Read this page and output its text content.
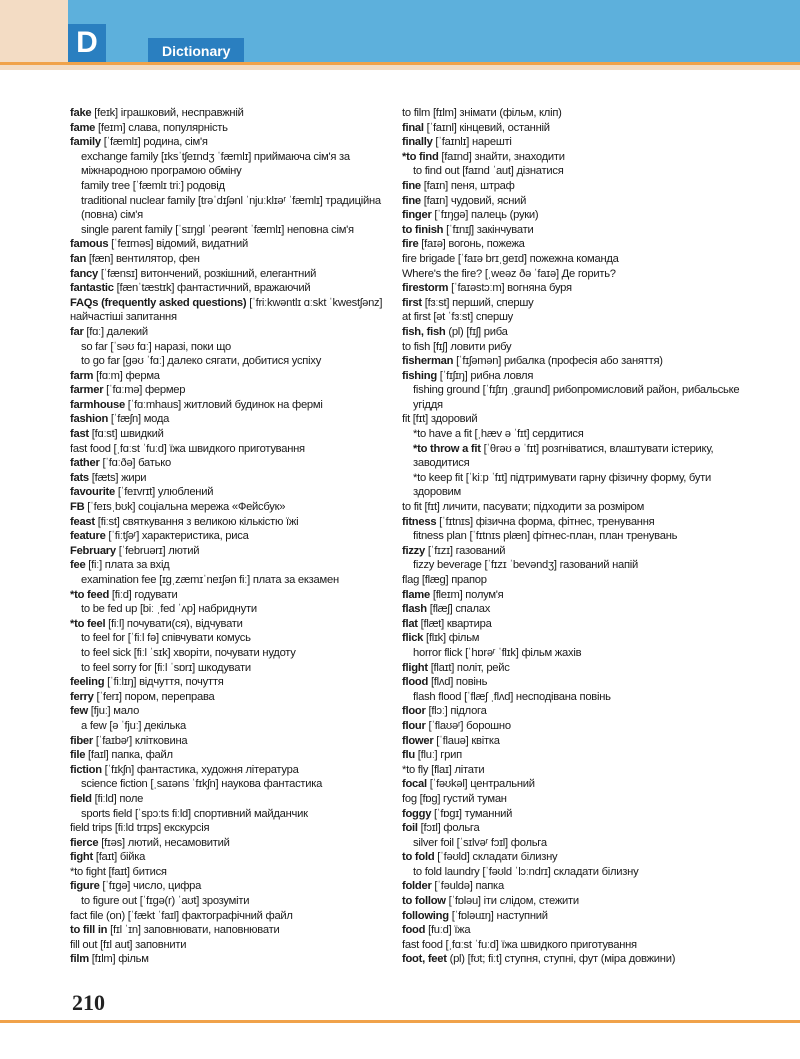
D	Dictionary
fake [feɪk] іграшковий, несправжній
fame [feɪm] слава, популярність
family [ˈfæmlɪ] родина, сім'я
exchange family [ɪksˈtʃeɪndʒ ˈfæmlɪ] приймаюча сім'я за міжнародною програмою обміну
family tree [ˈfæmlɪ triː] родовід
traditional nuclear family [trəˈdɪʃənl ˈnjuːklɪəʳ ˈfæmlɪ] традиційна (повна) сім'я
single parent family [ˈsɪŋgl ˈpeərənt ˈfæmlɪ] неповна сім'я
famous [ˈfeɪməs] відомий, видатний
fan [fæn] вентилятор, фен
fancy [ˈfænsɪ] витончений, розкішний, елегантний
fantastic [fænˈtæstɪk] фантастичний, вражаючий
FAQs (frequently asked questions) [ˈfriːkwəntlɪ ɑːskt ˈkwestʃənz] найчастіші запитання
far [fɑː] далекий
so far [ˈsəʊ fɑː] наразі, поки що
to go far [gəʊ ˈfɑː] далеко сягати, добитися успіху
farm [fɑːm] ферма
farmer [ˈfɑːmə] фермер
farmhouse [ˈfɑːmhaus] житловий будинок на фермі
fashion [ˈfæʃn] мода
fast [fɑːst] швидкий
fast food [ˌfɑːst ˈfuːd] їжа швидкого приготування
father [ˈfɑːðə] батько
fats [fæts] жири
favourite [ˈfeɪvrɪt] улюблений
FB [ˈfeɪsˌbʊk] соціальна мережа «Фейсбук»
feast [fiːst] святкування з великою кількістю їжі
feature [ˈfiːtʃəʳ] характеристика, риса
February [ˈfebruərɪ] лютий
fee [fiː] плата за вхід
examination fee [ɪgˌzæmɪˈneɪʃən fiː] плата за екзамен
*to feed [fiːd] годувати
to be fed up [biː ˌfed ˈʌp] набриднути
*to feel [fiːl] почувати(ся), відчувати
to feel for [ˈfiːl fə] співчувати комусь
to feel sick [fiːl ˈsɪk] хворіти, почувати нудоту
to feel sorry for [fiːl ˈsɒrɪ] шкодувати
feeling [ˈfiːlɪŋ] відчуття, почуття
ferry [ˈferɪ] пором, переправа
few [fjuː] мало
a few [ə ˈfjuː] декілька
fiber [ˈfaɪbəʳ] клітковина
file [faɪl] папка, файл
fiction [ˈfɪkʃn] фантастика, художня література
science fiction [ˌsaɪəns ˈfɪkʃn] наукова фантастика
field [fiːld] поле
sports field [ˈspɔːts fiːld] спортивний майданчик
field trips [fiːld trɪps] екскурсія
fierce [fɪəs] лютий, несамовитий
fight [faɪt] бійка
*to fight [faɪt] битися
figure [ˈfɪgə] число, цифра
to figure out [ˈfɪgə(r) ˈaʊt] зрозуміти
fact file (on) [ˈfækt ˈfaɪl] фактографічний файл
to fill in [fɪl ˈɪn] заповнювати, наповнювати
fill out [fɪl aut] заповнити
film [fɪlm] фільм
to film [fɪlm] знімати (фільм, кліп)
final [ˈfaɪnl] кінцевий, останній
finally [ˈfaɪnlɪ] нарешті
*to find [faɪnd] знайти, знаходити
to find out [faɪnd ˈaut] дізнатися
fine [faɪn] пеня, штраф
fine [faɪn] чудовий, ясний
finger [ˈfɪŋgə] палець (руки)
to finish [ˈfɪnɪʃ] закінчувати
fire [faɪə] вогонь, пожежа
fire brigade [ˈfaɪə brɪˌgeɪd] пожежна команда
Where's the fire? [ˌweəz ðə ˈfaɪə] Де горить?
firestorm [ˈfaɪəstɔːm] вогняна буря
first [fɜːst] перший, спершу
at first [ət ˈfɜːst] спершу
fish, fish (pl) [fɪʃ] риба
to fish [fɪʃ] ловити рибу
fisherman [ˈfɪʃəmən] рибалка (професія або заняття)
fishing [ˈfɪʃɪŋ] рибна ловля
fishing ground [ˈfɪʃɪŋ ˌgraund] рибопромисловий район, рибальське угіддя
fit [fɪt] здоровий
*to have a fit [ˌhæv ə ˈfɪt] сердитися
*to throw a fit [ˈθrəʊ ə ˈfɪt] розгніватися, влаштувати істерику, заводитися
*to keep fit [ˈkiːp ˈfɪt] підтримувати гарну фізичну форму, бути здоровим
to fit [fɪt] личити, пасувати; підходити за розміром
fitness [ˈfɪtnɪs] фізична форма, фітнес, тренування
fitness plan [ˈfɪtnɪs plæn] фітнес-план, план тренувань
fizzy [ˈfɪzɪ] газований
fizzy beverage [ˈfɪzɪ ˈbevəndʒ] газований напій
flag [flæg] прапор
flame [fleɪm] полум'я
flash [flæʃ] спалах
flat [flæt] квартира
flick [flɪk] фільм
horror flick [ˈhɒrəʳ ˈflɪk] фільм жахів
flight [flaɪt] політ, рейс
flood [flʌd] повінь
flash flood [ˈflæʃ ˌflʌd] несподівана повінь
floor [flɔː] підлога
flour [ˈflaʊəʳ] борошно
flower [ˈflauə] квітка
flu [fluː] грип
*to fly [flaɪ] літати
focal [ˈfəʊkəl] центральний
fog [fɒg] густий туман
foggy [ˈfɒgɪ] туманний
foil [fɔɪl] фольга
silver foil [ˈsɪlvəʳ fɔɪl] фольга
to fold [ˈfəʊld] складати білизну
to fold laundry [ˈfəʊld ˈlɔːndrɪ] складати білизну
folder [ˈfəuldə] папка
to follow [ˈfɒləu] іти слідом, стежити
following [ˈfɒləuɪŋ] наступний
food [fuːd] їжа
fast food [ˌfɑːst ˈfuːd] їжа швидкого приготування
foot, feet (pl) [fʊt; fiːt] ступня, ступні, фут (міра довжини)
210
